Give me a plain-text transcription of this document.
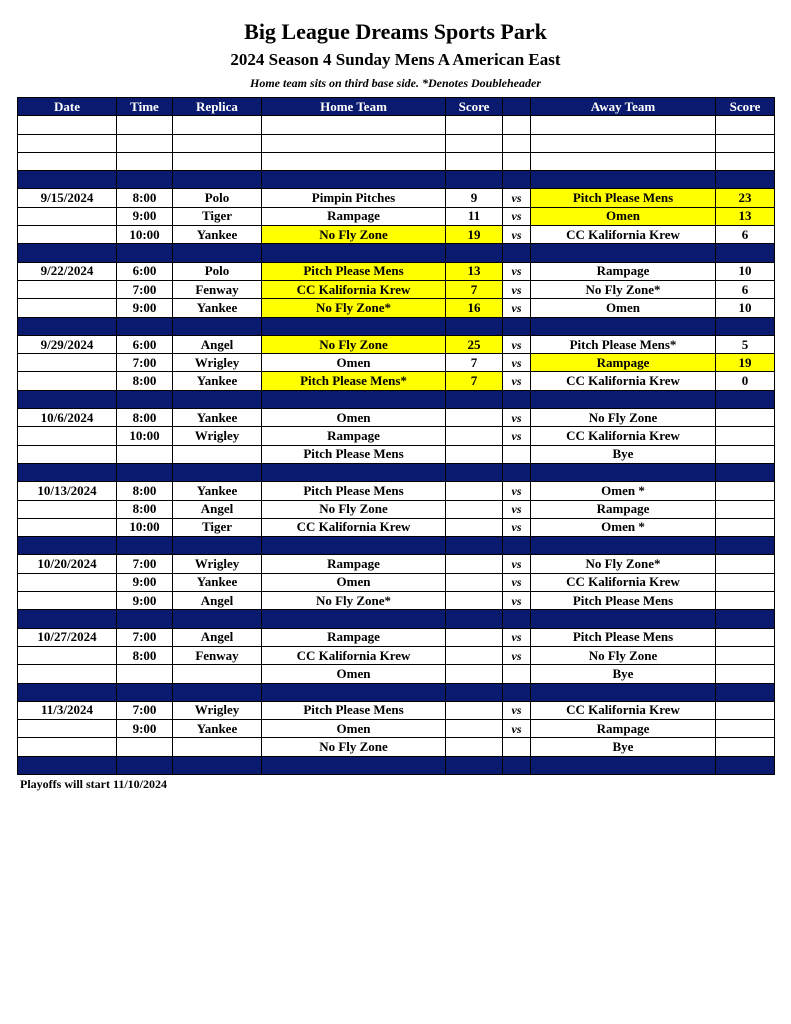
Big League Dreams Sports Park
2024 Season 4 Sunday Mens A American East
Home team sits on third base side. *Denotes Doubleheader
Date	Time	Replica	Home Team	Score		Away Team	Score

9/15/2024	8:00	Polo	Pimpin Pitches	9	vs	Pitch Please Mens	23
	9:00	Tiger	Rampage	11	vs	Omen	13
	10:00	Yankee	No Fly Zone	19	vs	CC Kalifornia Krew	6

9/22/2024	6:00	Polo	Pitch Please Mens	13	vs	Rampage	10
	7:00	Fenway	CC Kalifornia Krew	7	vs	No Fly Zone*	6
	9:00	Yankee	No Fly Zone*	16	vs	Omen	10

9/29/2024	6:00	Angel	No Fly Zone	25	vs	Pitch Please Mens*	5
	7:00	Wrigley	Omen	7	vs	Rampage	19
	8:00	Yankee	Pitch Please Mens*	7	vs	CC Kalifornia Krew	0

10/6/2024	8:00	Yankee	Omen		vs	No Fly Zone	
	10:00	Wrigley	Rampage		vs	CC Kalifornia Krew	
			Pitch Please Mens			Bye	

10/13/2024	8:00	Yankee	Pitch Please Mens		vs	Omen *	
	8:00	Angel	No Fly Zone		vs	Rampage	
	10:00	Tiger	CC Kalifornia Krew		vs	Omen *	

10/20/2024	7:00	Wrigley	Rampage		vs	No Fly Zone*	
	9:00	Yankee	Omen		vs	CC Kalifornia Krew	
	9:00	Angel	No Fly Zone*		vs	Pitch Please Mens	

10/27/2024	7:00	Angel	Rampage		vs	Pitch Please Mens	
	8:00	Fenway	CC Kalifornia Krew		vs	No Fly Zone	
			Omen			Bye	

11/3/2024	7:00	Wrigley	Pitch Please Mens		vs	CC Kalifornia Krew	
	9:00	Yankee	Omen		vs	Rampage	
			No Fly Zone			Bye	

Playoffs will start 11/10/2024
